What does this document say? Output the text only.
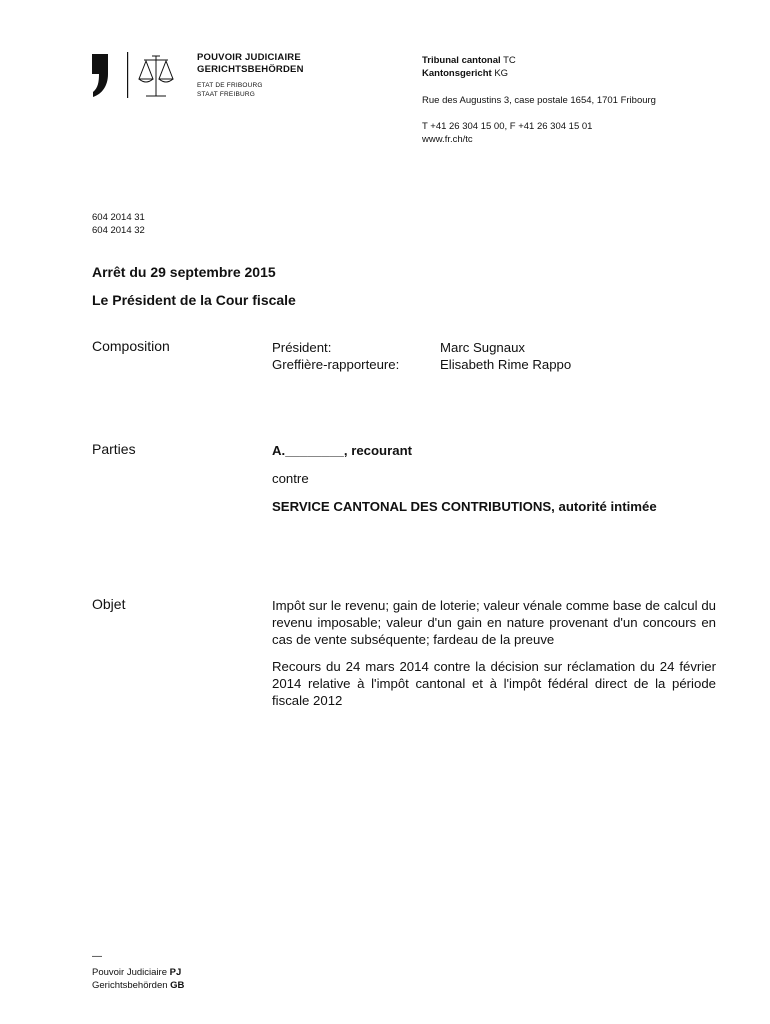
POUVOIR JUDICIAIRE
GERICHTSBEHÖRDEN
ETAT DE FRIBOURG
STAAT FREIBURG
Tribunal cantonal TC
Kantonsgericht KG
Rue des Augustins 3, case postale 1654, 1701 Fribourg
T +41 26 304 15 00, F +41 26 304 15 01
www.fr.ch/tc
604 2014 31
604 2014 32
Arrêt du 29 septembre 2015
Le Président de la Cour fiscale
Composition	Président:	Marc Sugnaux
Greffière-rapporteure:	Elisabeth Rime Rappo
Parties	A.________, recourant
contre
SERVICE CANTONAL DES CONTRIBUTIONS, autorité intimée
Objet	Impôt sur le revenu; gain de loterie; valeur vénale comme base de calcul du revenu imposable; valeur d'un gain en nature provenant d'un concours en cas de vente subséquente; fardeau de la preuve
Recours du 24 mars 2014 contre la décision sur réclamation du 24 février 2014 relative à l'impôt cantonal et à l'impôt fédéral direct de la période fiscale 2012
—
Pouvoir Judiciaire PJ
Gerichtsbehörden GB
